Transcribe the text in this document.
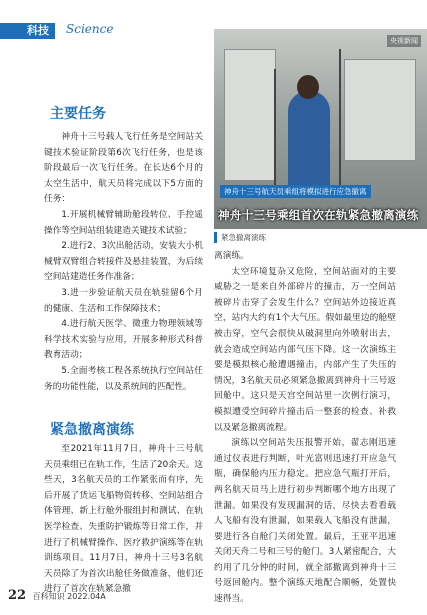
科技	Science
央视新闻
神舟十三号航天员乘组将模拟进行应急撤离
神舟十三号乘组首次在轨紧急撤离演练
紧急撤离演练
主要任务

神舟十三号载人飞行任务是空间站关键技术验证阶段第6次飞行任务，也是该阶段最后一次飞行任务。在长达6个月的太空生活中，航天员将完成以下5方面的任务：

1.开展机械臂辅助舱段转位、手控遥操作等空间站组装建造关键技术试验；

2.进行2、3次出舱活动，安装大小机械臂双臂组合转接件及悬挂装置，为后续空间站建造任务作准备；

3.进一步验证航天员在轨驻留6个月的健康、生活和工作保障技术；

4.进行航天医学、微重力物理领域等科学技术实验与应用，开展多种形式科普教育活动；

5.全面考核工程各系统执行空间站任务的功能性能，以及系统间的匹配性。

紧急撤离演练

至2021年11月7日，神舟十三号航天员乘组已在轨工作，生活了20余天。这些天，3名航天员的工作紧张而有序，先后开展了货运飞船物资转移、空间站组合体管理、新上行舱外服组封和测试、在轨医学检查、失重防护锻炼等日常工作，并进行了机械臂操作、医疗救护演练等在轨训练项目。11月7日，神舟十三号3名航天员除了为首次出舱任务做准备，他们还进行了首次在轨紧急撤

离演练。

太空环境复杂又危险，空间站面对的主要威胁之一是来自外部碎片的撞击，万一空间站被碎片击穿了会发生什么？空间站外边接近真空，站内大约有1个大气压。假如最里边的舱壁被击穿，空气会很快从破洞里向外喷射出去，就会造成空间站内部气压下降。这一次演练主要是模拟核心舱遭遇撞击，内部产生了失压的情况，3名航天员必须紧急撤离到神舟十三号返回舱中。这只是天宫空间站里一次例行演习，模拟遭受空间碎片撞击后一整套的检查、补救以及紧急撤离流程。

演练以空间站失压报警开始，翟志刚迅速通过仪表进行判断，叶光富则迅速打开应急气瓶，确保舱内压力稳定。把应急气瓶打开后，两名航天员马上进行初步判断哪个地方出现了泄漏。如果没有发现漏洞的话，尽快去看看载人飞船有没有泄漏，如果载人飞船没有泄漏，要进行各自舱门关闭处置。最后，王亚平迅速关闭天舟二号和三号的舱门。3人紧密配合，大约用了几分钟的时间，就全部撤离到神舟十三号返回舱内。整个演练天地配合顺畅，处置快速得当。

22 百科知识 2022.04A
